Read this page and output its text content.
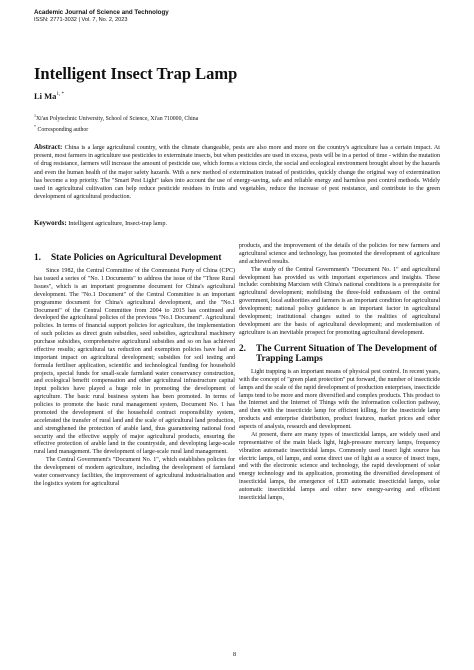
Academic Journal of Science and Technology
ISSN: 2771-3032 | Vol. 7, No. 2, 2023
Intelligent Insect Trap Lamp
Li $Ma^{1, *}$
$^1$Xi'an Polytechnic University, School of Science, Xi'an 710000, China
* Corresponding author
Abstract: China is a large agricultural country, with the climate changeable, pests are also more and more on the country's agriculture has a certain impact. At present, most farmers in agriculture use pesticides to exterminate insects, but when pesticides are used in excess, pests will be in a period of time - within the mutation of drug resistance, farmers will increase the amount of pesticide use, which forms a vicious circle, the social and ecological environment brought about by the hazards and even the human health of the major safety hazards. With a new method of extermination instead of pesticides, quickly change the original way of extermination has become a top priority. The "Smart Pest Light" takes into account the use of energy-saving, safe and reliable energy and harmless pest control methods. Widely used in agricultural cultivation can help reduce pesticide residues in fruits and vegetables, reduce the increase of pest resistance, and contribute to the green development of agricultural production.
Keywords: Intelligent agriculture, Insect-trap lamp.
1.	State Policies on Agricultural Development

Since 1982, the Central Committee of the Communist Party of China (CPC) has issued a series of "No. 1 Documents" to address the issue of the "Three Rural Issues", which is an important programme document for China's agricultural development. The "No.1 Document" of the Central Committee is an important programme document for China's agricultural development, and the "No.1 Document" of the Central Committee from 2004 to 2015 has continued and developed the agricultural policies of the previous "No.1 Document". Agricultural policies. In terms of financial support policies for agriculture, the implementation of such policies as direct grain subsidies, seed subsidies, agricultural machinery purchase subsidies, comprehensive agricultural subsidies and so on has achieved effective results; agricultural tax reduction and exemption policies have had an important impact on agricultural development; subsidies for soil testing and formula fertiliser application, scientific and technological funding for household projects, special funds for small-scale farmland water conservancy construction, and ecological benefit compensation and other agricultural infrastructure capital input policies have played a huge role in promoting the development of agriculture. The basic rural business system has been promoted. In terms of policies to promote the basic rural management system, Document No. 1 has promoted the development of the household contract responsibility system, accelerated the transfer of rural land and the scale of agricultural land production, and strengthened the protection of arable land, thus guaranteeing national food security and the effective supply of major agricultural products, ensuring the effective protection of arable land in the countryside, and developing large-scale rural land management. The development of large-scale rural land management.

The Central Government's "Document No. 1", which establishes policies for the development of modern agriculture, including the development of farmland water conservancy facilities, the improvement of agricultural industrialisation and the logistics system for agricultural

products, and the improvement of the details of the policies for new farmers and agricultural science and technology, has promoted the development of agriculture and achieved results.

The study of the Central Government's "Document No. 1" and agricultural development has provided us with important experiences and insights. These include: combining Marxism with China's national conditions is a prerequisite for agricultural development; mobilising the three-fold enthusiasm of the central government, local authorities and farmers is an important condition for agricultural development; national policy guidance is an important factor in agricultural development; institutional changes suited to the realities of agricultural development are the basis of agricultural development; and modernisation of agriculture is an inevitable prospect for promoting agricultural development.

2.	The Current Situation of The Development of Trapping Lamps

Light trapping is an important means of physical pest control. In recent years, with the concept of "green plant protection" put forward, the number of insecticide lamps and the scale of the rapid development of production enterprises, insecticide lamps tend to be more and more diversified and complex products. This product to the Internet and the Internet of Things with the information collection pathway, and then with the insecticide lamp for efficient killing, for the insecticide lamp products and enterprise distribution, product features, market prices and other aspects of analysis, research and development.

At present, there are many types of insecticidal lamps, are widely used and representative of the main black light, high-pressure mercury lamps, frequency vibration automatic insecticidal lamps. Commonly used insect light source has electric lamps, oil lamps, and some direct use of light as a source of insect traps, and with the electronic science and technology, the rapid development of solar energy technology and its application, promoting the diversified development of insecticidal lamps, the emergence of LED automatic insecticidal lamps, solar automatic insecticidal lamps and other new energy-saving and efficient insecticidal lamps,

8
